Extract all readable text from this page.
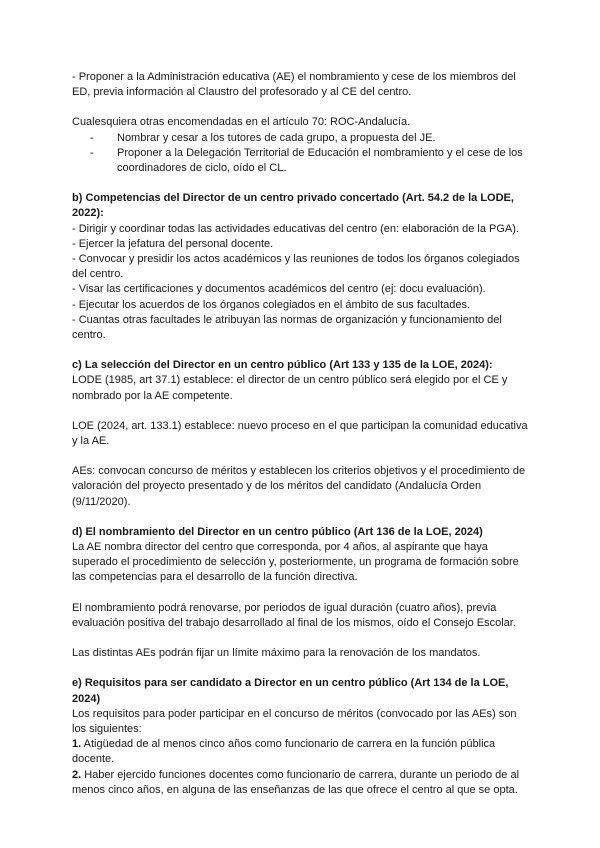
- Proponer a la Administración educativa (AE) el nombramiento y cese de los miembros del ED, previa información al Claustro del profesorado y al CE del centro.

Cualesquiera otras encomendadas en el artículo 70: ROC-Andalucía.

- Nombrar y cesar a los tutores de cada grupo, a propuesta del JE.
- Proponer a la Delegación Territorial de Educación el nombramiento y el cese de los coordinadores de ciclo, oído el CL.

b) Competencias del Director de un centro privado concertado (Art. 54.2 de la LODE, 2022):

- Dirigir y coordinar todas las actividades educativas del centro (en: elaboración de la PGA).

- Ejercer la jefatura del personal docente.

- Convocar y presidir los actos académicos y las reuniones de todos los órganos colegiados del centro.

- Visar las certificaciones y documentos académicos del centro (ej: docu evaluación).

- Ejecutar los acuerdos de los órganos colegiados en el ámbito de sus facultades.

- Cuantas otras facultades le atribuyan las normas de organización y funcionamiento del centro.

c) La selección del Director en un centro público (Art 133 y 135 de la LOE, 2024):

LODE (1985, art 37.1) establece: el director de un centro público será elegido por el CE y nombrado por la AE competente.

LOE (2024, art. 133.1) establece: nuevo proceso en el que participan la comunidad educativa y la AE.

AEs: convocan concurso de méritos y establecen los criterios objetivos y el procedimiento de valoración del proyecto presentado y de los méritos del candidato (Andalucía Orden (9/11/2020).

d) El nombramiento del Director en un centro público (Art 136 de la LOE, 2024)

La AE nombra director del centro que corresponda, por 4 años, al aspirante que haya superado el procedimiento de selección y, posteriormente, un programa de formación sobre las competencias para el desarrollo de la función directiva.

El nombramiento podrá renovarse, por periodos de igual duración (cuatro años), previa evaluación positiva del trabajo desarrollado al final de los mismos, oído el Consejo Escolar.

Las distintas AEs podrán fijar un límite máximo para la renovación de los mandatos.

e) Requisitos para ser candidato a Director en un centro público (Art 134 de la LOE, 2024)

Los requisitos para poder participar en el concurso de méritos (convocado por las AEs) son los siguientes:

1. Atigüedad de al menos cinco años como funcionario de carrera en la función pública docente.

2. Haber ejercido funciones docentes como funcionario de carrera, durante un periodo de al menos cinco años, en alguna de las enseñanzas de las que ofrece el centro al que se opta.
